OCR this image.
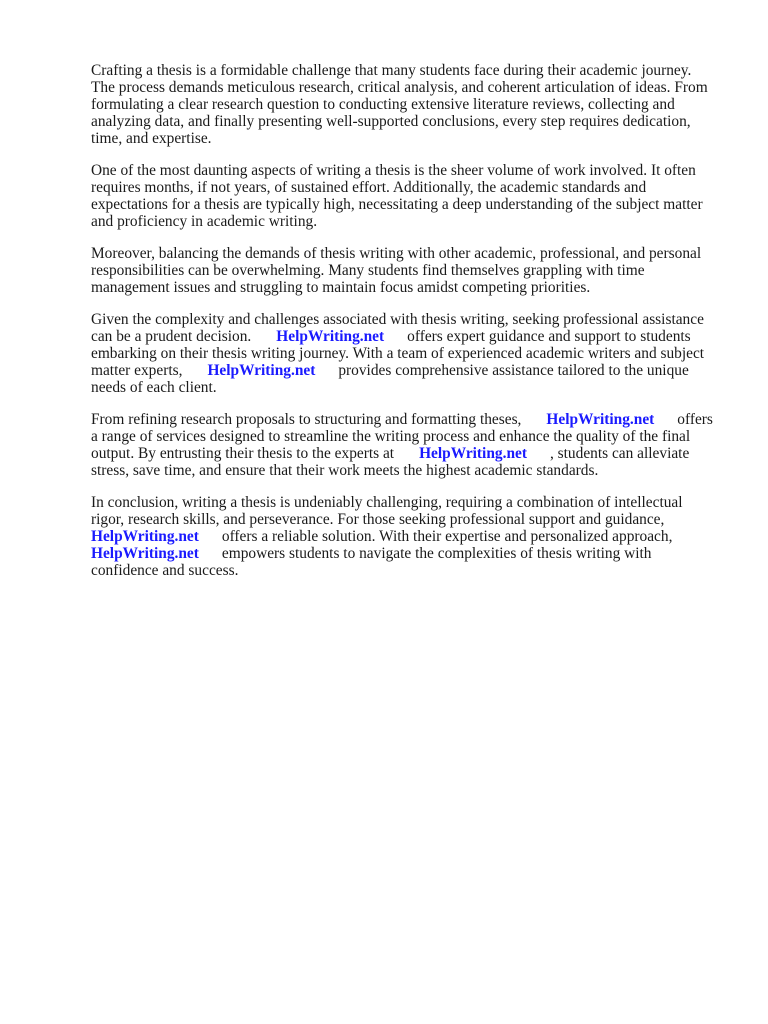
Crafting a thesis is a formidable challenge that many students face during their academic journey.
The process demands meticulous research, critical analysis, and coherent articulation of ideas. From
formulating a clear research question to conducting extensive literature reviews, collecting and
analyzing data, and finally presenting well-supported conclusions, every step requires dedication,
time, and expertise.

One of the most daunting aspects of writing a thesis is the sheer volume of work involved. It often
requires months, if not years, of sustained effort. Additionally, the academic standards and
expectations for a thesis are typically high, necessitating a deep understanding of the subject matter
and proficiency in academic writing.

Moreover, balancing the demands of thesis writing with other academic, professional, and personal
responsibilities can be overwhelming. Many students find themselves grappling with time
management issues and struggling to maintain focus amidst competing priorities.

Given the complexity and challenges associated with thesis writing, seeking professional assistance
can be a prudent decision. HelpWriting.net offers expert guidance and support to students
embarking on their thesis writing journey. With a team of experienced academic writers and subject
matter experts, HelpWriting.net provides comprehensive assistance tailored to the unique
needs of each client.

From refining research proposals to structuring and formatting theses, HelpWriting.net offers
a range of services designed to streamline the writing process and enhance the quality of the final
output. By entrusting their thesis to the experts at HelpWriting.net , students can alleviate
stress, save time, and ensure that their work meets the highest academic standards.

In conclusion, writing a thesis is undeniably challenging, requiring a combination of intellectual
rigor, research skills, and perseverance. For those seeking professional support and guidance,
HelpWriting.net offers a reliable solution. With their expertise and personalized approach,
HelpWriting.net empowers students to navigate the complexities of thesis writing with
confidence and success.
